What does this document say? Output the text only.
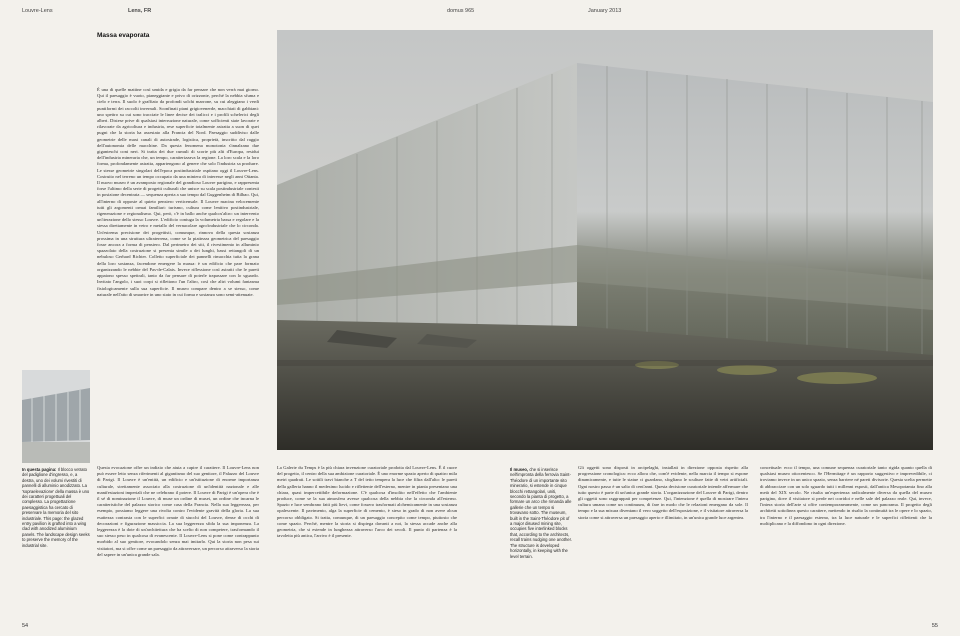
Louvre-Lens	Lens, FR	domus 965	January 2013
Massa evaporata

È una di quelle mattine così umida e grigia da far pensare che non verrà mai giorno. Qui il paesaggio è vuoto, pianeggiante e privo di orizzonte, perché la nebbia sfuma e cielo e terra. Il suolo è graffiato da profondi solchi marrone, su cui aleggiano i verdi puntiformi dei raccolti invernali. Sconfinati piani grigiovenerde, macchiati di gabbiani: uno spettro su cui sono tracciate le linee decise dei tralicci e i profili schelerici degli alberi. Distese prive di qualsiasi interruzione naturale, come sofficienti state lavorate e rilavorate da agricoltura e industria, rese superficie totalmente astratta a suon di quei pugni che la storia ha assestato alla Francia del Nord. Paesaggio suddiviso dalle geometrie delle maxi canali di autostrade, logistica, proprietà, inscritto dal raggio dell'autonomia delle macchine. Da questa fenomena monotonia s'innalzano due giganteschi coni neri. Si tratta dei due cumuli di scorie più alti d'Europa, residui dell'industria mineraria che, un tempo, caratterizzava la regione. La loro scala e la loro forma, profondamente astratta, appartengono al genere che solo l'industria sa produrre. Le stesse geometrie singolari dell'epoca postindustriale ospitano oggi il Louvre-Lens. Costruito nel terreno un tempo occupato da una miniera di interesse negli anni Ottanta. Il nuovo museo è un avamposto regionale del grandioso Louvre parigino, e rappresenta forse l'ultimo della serie di progetti culturali che unisce su scala postindustriale contesti in posizione decentrata — sequenza aperta a suo tempo dal Guggenheim di Bilbao. Qui, all'interno di opposte al quieto pensiero verticensale. Il Louvre macina velocemente tutti gli argomenti ormai familiari: turismo, cultura come lenitivo postindustriale, rigenerazione e regionalismo. Qui, però, c'è in ballo anche qualcos'altro: un intervento un'iterazione dello stesso Louvre. L'edificio coniuga la volumetria bassa e regolare e la stessa direttamente in vetro e metallo del vernacolare agro/industriale che lo circonda. Un'estrema precisione dei progettisti, comunque, rinnova della questa sostanza prossima in una struttura ultraterrena, come se la piattezza geometrica del paesaggio fosse ancora a forma di pensiero. Dal perimetro dei siti, il rivestimento in alluminio spazzolato della costruzione si presenta simile a dei lunghi, bassi rettangoli di un nebuloso Gerhard Richter. Colletto superficiale dei pannelli rimacchia tutta la grana della loro sostanza, facendone emergere la massa: è un edificio che pare formato organizzando le nebbie del Pas-de-Calais. Invece riflessione così astratti che le pareti appaiono spesso spettrali, tanto da far pensare di poterle trapassare con lo sguardo. Invitato l'angolo, i suoi corpi si riflettono l'un l'altro, così che altri volumi fantasma fisiologicamente sulla sua superficie. Il museo compare dentro a se stesso, come naturale nell'atto di smarrire in uno stato in cui forma e sostanza sono semi-attenuate.

Questa evocazione offre un indizio che aiuta a capire il carattere. Il Louvre-Lens non può essere letto senza riferimenti al gigantismo del suo genitore, il Palazzo del Louvre di Parigi. Il Louvre è un'entità, un edificio e un'istituzione di enorme importanza culturale, strettamente associato alla costruzione di un'identità nazionale e alle manifestazioni imperiali che ne celebrano il potere. Il Louvre di Parigi è un'opera che è il sé di nominazione il Louvre, di muse un ordine di musei, un ordine che incarna le caratteristiche del palazzo storico come casa della Francia. Nella sua leggerezza, per esempio, possiamo leggere una rivolta contro l'evidente gravità della gloria. La sua esattezza contrasta con le superfici ornate di stucchi del Louvre, dense di occhi di decorazioni e figurazione massiccia. La sua leggerezza sfida la sua imponenza. La leggerezza è la dote di un'architettura che ha scelto di non competere, trasformando il suo stesso peso in qualcosa di evanescente. Il Louvre-Lens si pone come contrappunto morbido al suo genitore, evocandolo senza mai imitarlo. Qui la storia non pesa sui visitatori, ma si offre come un paesaggio da attraversare, un percorso attraverso la storia del sapere in un'unica grande sala.

La Galerie du Temps è la più chiara invenzione curatoriale prodotta dal Louvre-Lens. È il cuore del progetto, il centro della sua ambizione curatoriale. È uno enorme spazio aperto di quattro mila metri quadrati. Le sottili travi bianche a T del tetto tempera la luce che filtra dall'alto: le pareti della galleria hanno il medesimo lucido e riflettente dell'esterno, mentre in pianta presentano una chiara, quasi impercettibile deformazione. C'è qualcosa d'insolito nell'effetto che l'ambiente produce, come se la sua atmosfera avesse qualcosa della nebbia che la circonda all'esterno. Spazio e luce sembrano fatti più lievi, come fossero trasformati alchemicamente in una sostanza opalescente. Il pavimento, alga la superficie di cemento, è steso in grado di non avere alcun percorso obbligato. Si tratta, comunque, di un paesaggio concepito come tempo, piuttosto che come spazio. Perché, mentre la storia si dispiega davanti a noi, la stessa accade anche alla geometria, che si estende in lunghezza attraverso l'arco dei secoli. Il punto di partenza è la tavoletta più antica, l'arrivo è il presente.

Gli oggetti sono disposti in arcipelaghi, installati in direzione opposta rispetto alla progressione cronologica: ecco allora che, com'è evidente, nella marcia il tempo si espone dinamicamente, e tutte le statue ci guardano, sfogliano le sculture fatte di vetri artificiali. Ogni nostro passo è un salto di cent'anni. Questa decisione curatoriale intende affermare che tutto questo è parte di un'unica grande storia. L'organizzazione del Louvre di Parigi, dentro gli oggetti sono raggruppati per competenze. Qui, l'intenzione è quella di mostrare l'intera cultura umana come un continuum, di fare in modo che le relazioni emergano da sole. Il tempo e la sua misura diventano il vero soggetto dell'esposizione, e il visitatore attraversa la storia come si attraversa un paesaggio aperto e illimitato, in un'unica grande luce argentea.

concettuale: ecco il tempo, una comune sequenza curatoriale tanto rigida quanto quella di qualsiasi museo ottocentesco. Se l'Hermitage è un rapporto suggestivo e imprevedibile, ci troviamo invece in un unico spazio, senza barriere né pareti divisorie. Questa scelta permette di abbracciare con un solo sguardo tutti i millenni esposti, dall'antica Mesopotamia fino alla metà del XIX secolo. Ne risulta un'esperienza radicalmente diversa da quella del museo parigino, dove il visitatore si perde nei corridoi e nelle sale del palazzo reale. Qui, invece, l'intera storia dell'arte si offre contemporaneamente, come un panorama. Il progetto degli architetti sottolinea questo carattere, mettendo in risalto la continuità tra le opere e lo spazio, tra l'interno e il paesaggio esterno, tra la luce naturale e le superfici riflettenti che la moltiplicano e la diffondono in ogni direzione.

In questa pagina: Il blocco vetrato del padiglione d'ingresso, e, a destra, uno dei volumi rivestiti di pannelli di alluminio anodizzato. La 'sopraelevazione' della massa è uno dei caratteri progettuali del complesso. La progettazione paesaggistica ha cercato di preservare la memoria del sito industriale. This page: the glazed entry pavilion is grafted into a wing clad with anodized aluminium panels. The landscape design seeks to preserve the memory of the industrial site.
Il museo, che si inserisce nell'impronta della ferrovia Saint-Théodore di un importante sito minerario, si estende in cinque blocchi rettangolari, uniti, secondo la pianta di progetto, a formare un arco che rimanda alle gallerie che un tempo si trovavano sotto. The museum, built in the Saint-Théodore pit of a major disused mining site, occupies five interlinked blocks that, according to the architects, recall trains nudging one another. The structure is developed horizontally, in keeping with the level terrain.
54	55
